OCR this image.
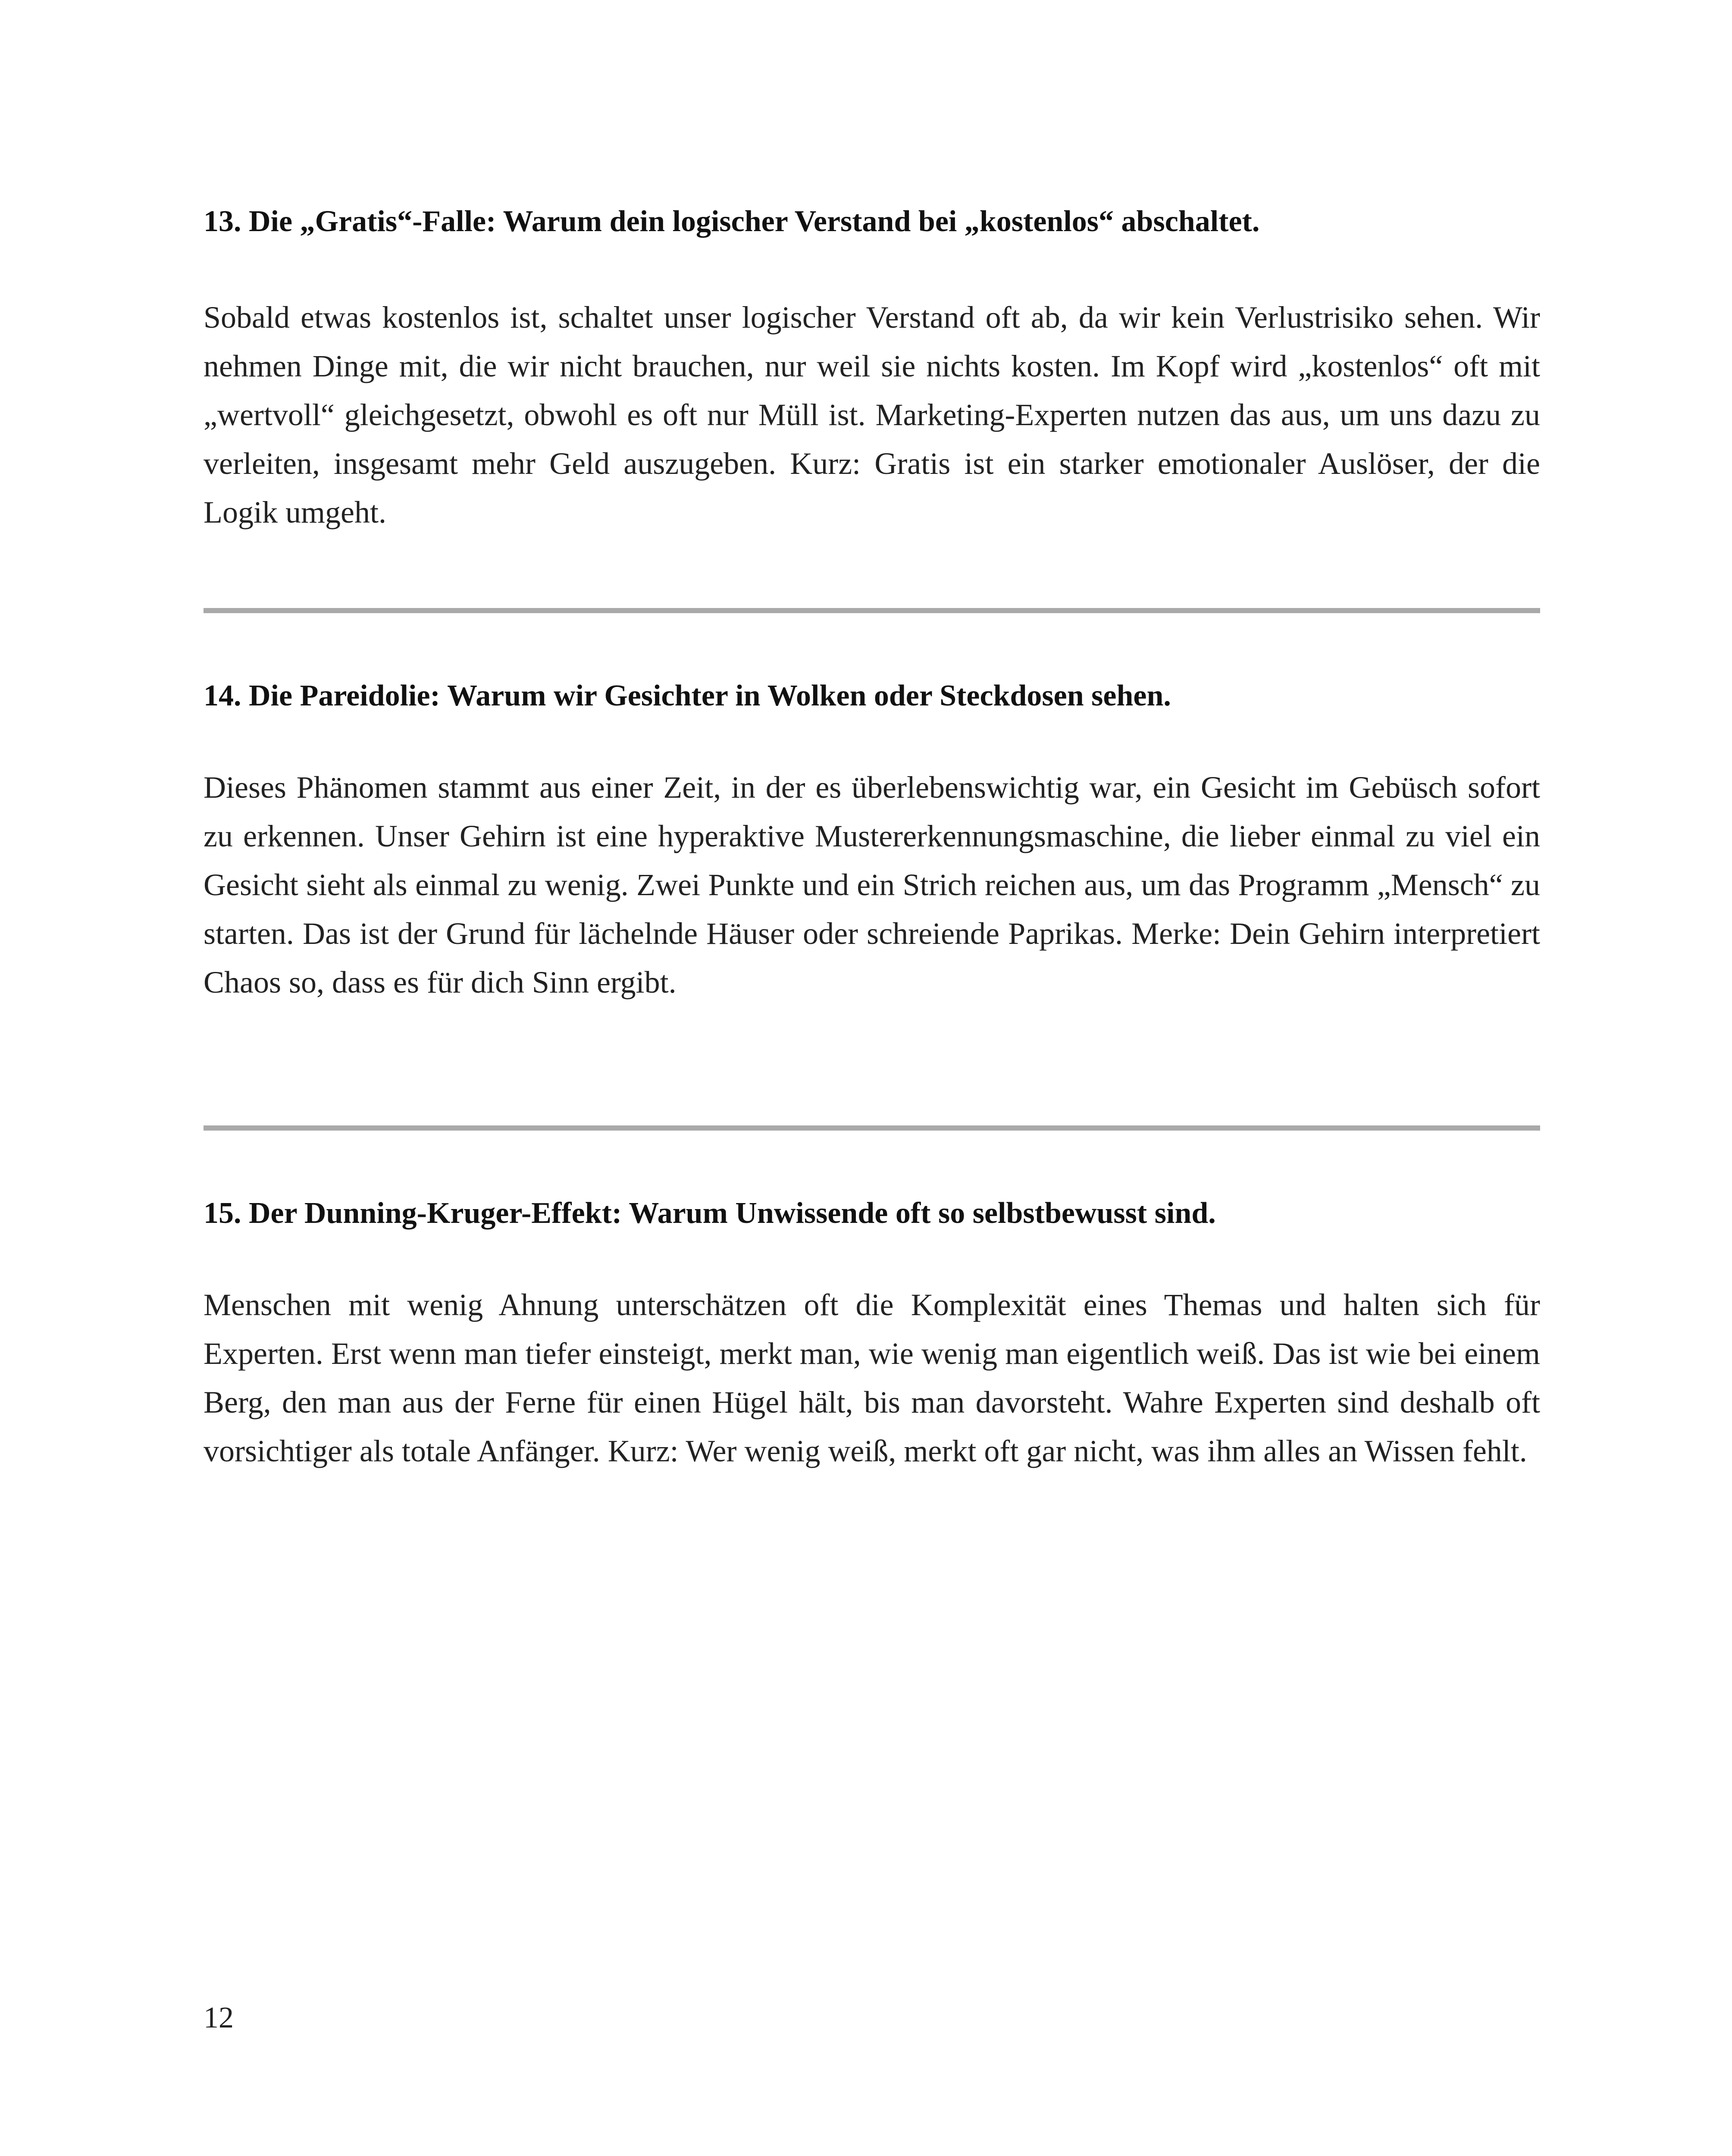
13. Die „Gratis“-Falle: Warum dein logischer Verstand bei „kostenlos“ abschaltet.

Sobald etwas kostenlos ist, schaltet unser logischer Verstand oft ab, da wir kein Verlustrisiko sehen. Wir nehmen Dinge mit, die wir nicht brauchen, nur weil sie nichts kosten. Im Kopf wird „kostenlos“ oft mit „wertvoll“ gleichgesetzt, obwohl es oft nur Müll ist. Marketing-Experten nutzen das aus, um uns dazu zu verleiten, insgesamt mehr Geld auszugeben. Kurz: Gratis ist ein starker emotionaler Auslöser, der die Logik umgeht.

14. Die Pareidolie: Warum wir Gesichter in Wolken oder Steckdosen sehen.

Dieses Phänomen stammt aus einer Zeit, in der es überlebenswichtig war, ein Gesicht im Gebüsch sofort zu erkennen. Unser Gehirn ist eine hyperaktive Mustererkennungsmaschine, die lieber einmal zu viel ein Gesicht sieht als einmal zu wenig. Zwei Punkte und ein Strich reichen aus, um das Programm „Mensch“ zu starten. Das ist der Grund für lächelnde Häuser oder schreiende Paprikas. Merke: Dein Gehirn interpretiert Chaos so, dass es für dich Sinn ergibt.

15. Der Dunning-Kruger-Effekt: Warum Unwissende oft so selbstbewusst sind.

Menschen mit wenig Ahnung unterschätzen oft die Komplexität eines Themas und halten sich für Experten. Erst wenn man tiefer einsteigt, merkt man, wie wenig man eigentlich weiß. Das ist wie bei einem Berg, den man aus der Ferne für einen Hügel hält, bis man davorsteht. Wahre Experten sind deshalb oft vorsichtiger als totale Anfänger. Kurz: Wer wenig weiß, merkt oft gar nicht, was ihm alles an Wissen fehlt.

12
